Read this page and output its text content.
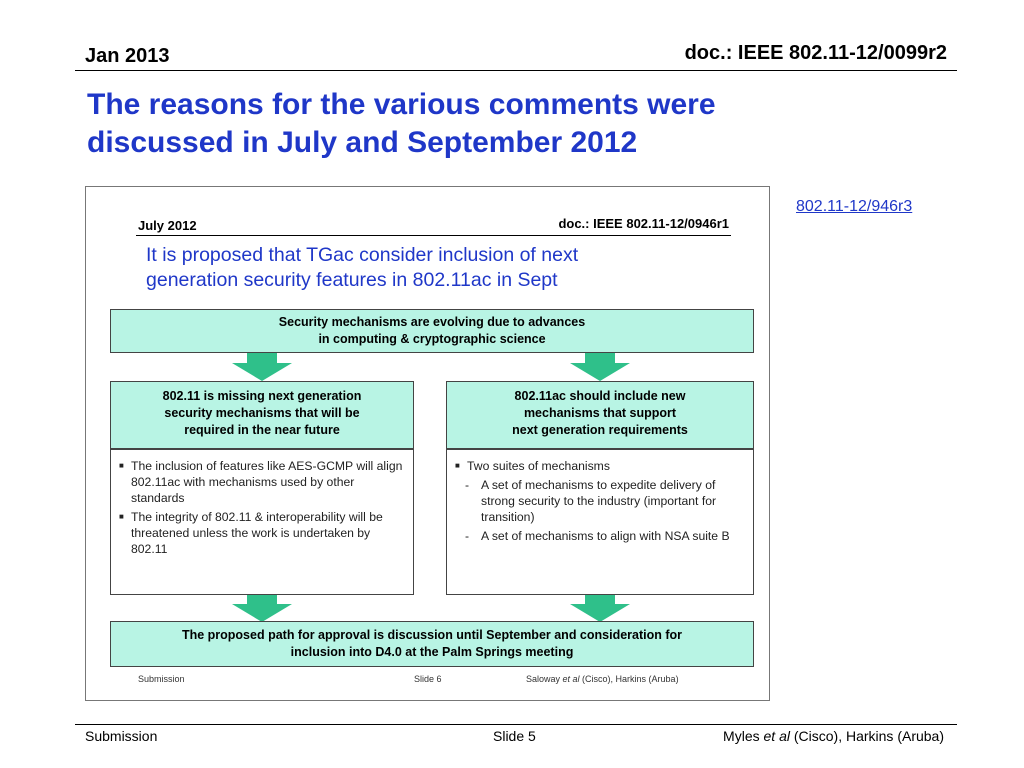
Jan 2013	doc.: IEEE 802.11-12/0099r2
The reasons for the various comments were
discussed in July and September 2012
802.11-12/946r3
July 2012	doc.: IEEE 802.11-12/0946r1
It is proposed that TGac consider inclusion of next
generation security features in 802.11ac in Sept
Security mechanisms are evolving due to advances
in computing & cryptographic science
802.11 is missing next generation
security mechanisms that will be
required in the near future
802.11ac should include new
mechanisms that support
next generation requirements
■ The inclusion of features like AES-GCMP will align 802.11ac with mechanisms used by other standards
■ The integrity of 802.11 & interoperability will be threatened unless the work is undertaken by 802.11
■ Two suites of mechanisms
- A set of mechanisms to expedite delivery of strong security to the industry (important for transition)
- A set of mechanisms to align with NSA suite B
The proposed path for approval is discussion until September and consideration for
inclusion into D4.0 at the Palm Springs meeting
Submission	Slide 6	Saloway et al (Cisco), Harkins (Aruba)
Submission	Slide 5	Myles et al (Cisco), Harkins (Aruba)
